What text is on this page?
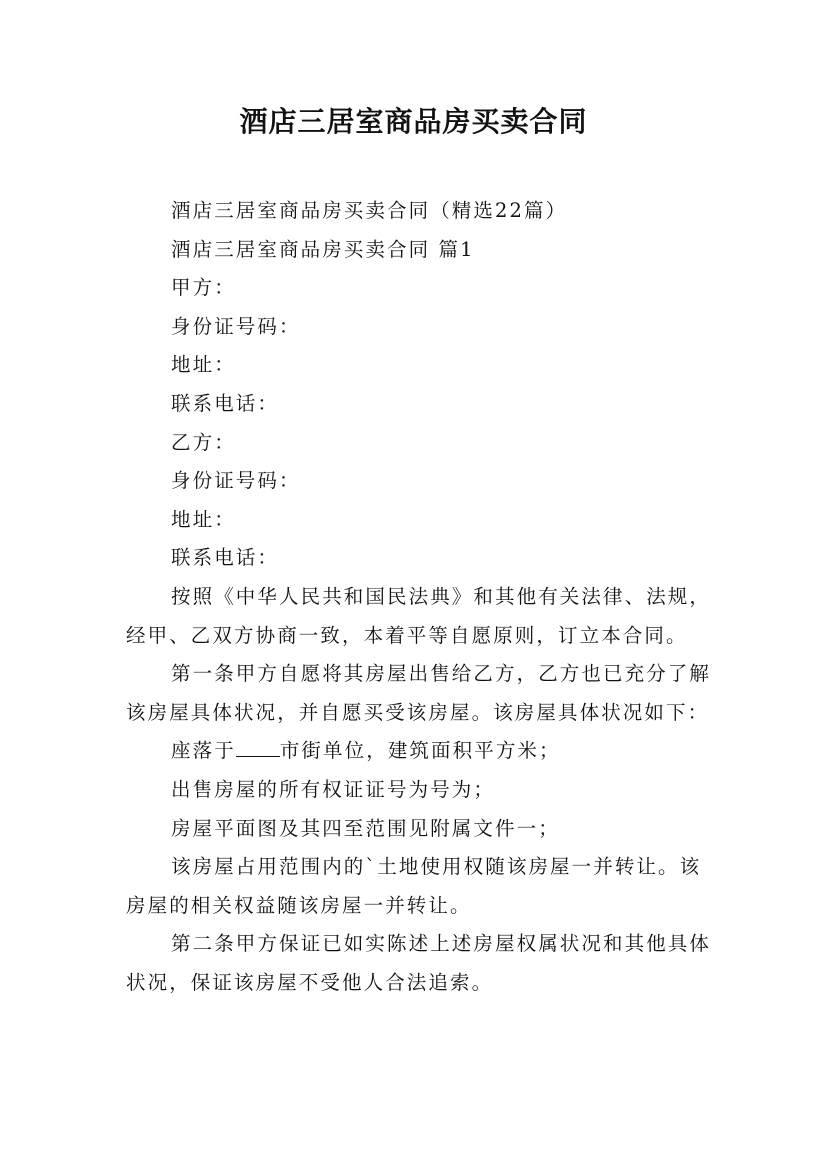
酒店三居室商品房买卖合同

酒店三居室商品房买卖合同（精选22篇）

酒店三居室商品房买卖合同 篇1

甲方：

身份证号码：

地址：

联系电话：

乙方：

身份证号码：

地址：

联系电话：

按照《中华人民共和国民法典》和其他有关法律、法规，经甲、乙双方协商一致，本着平等自愿原则，订立本合同。

第一条甲方自愿将其房屋出售给乙方，乙方也已充分了解该房屋具体状况，并自愿买受该房屋。该房屋具体状况如下：

座落于 市街单位，建筑面积平方米；

出售房屋的所有权证证号为号为；

房屋平面图及其四至范围见附属文件一；

该房屋占用范围内的`土地使用权随该房屋一并转让。该房屋的相关权益随该房屋一并转让。

第二条甲方保证已如实陈述上述房屋权属状况和其他具体状况，保证该房屋不受他人合法追索。
